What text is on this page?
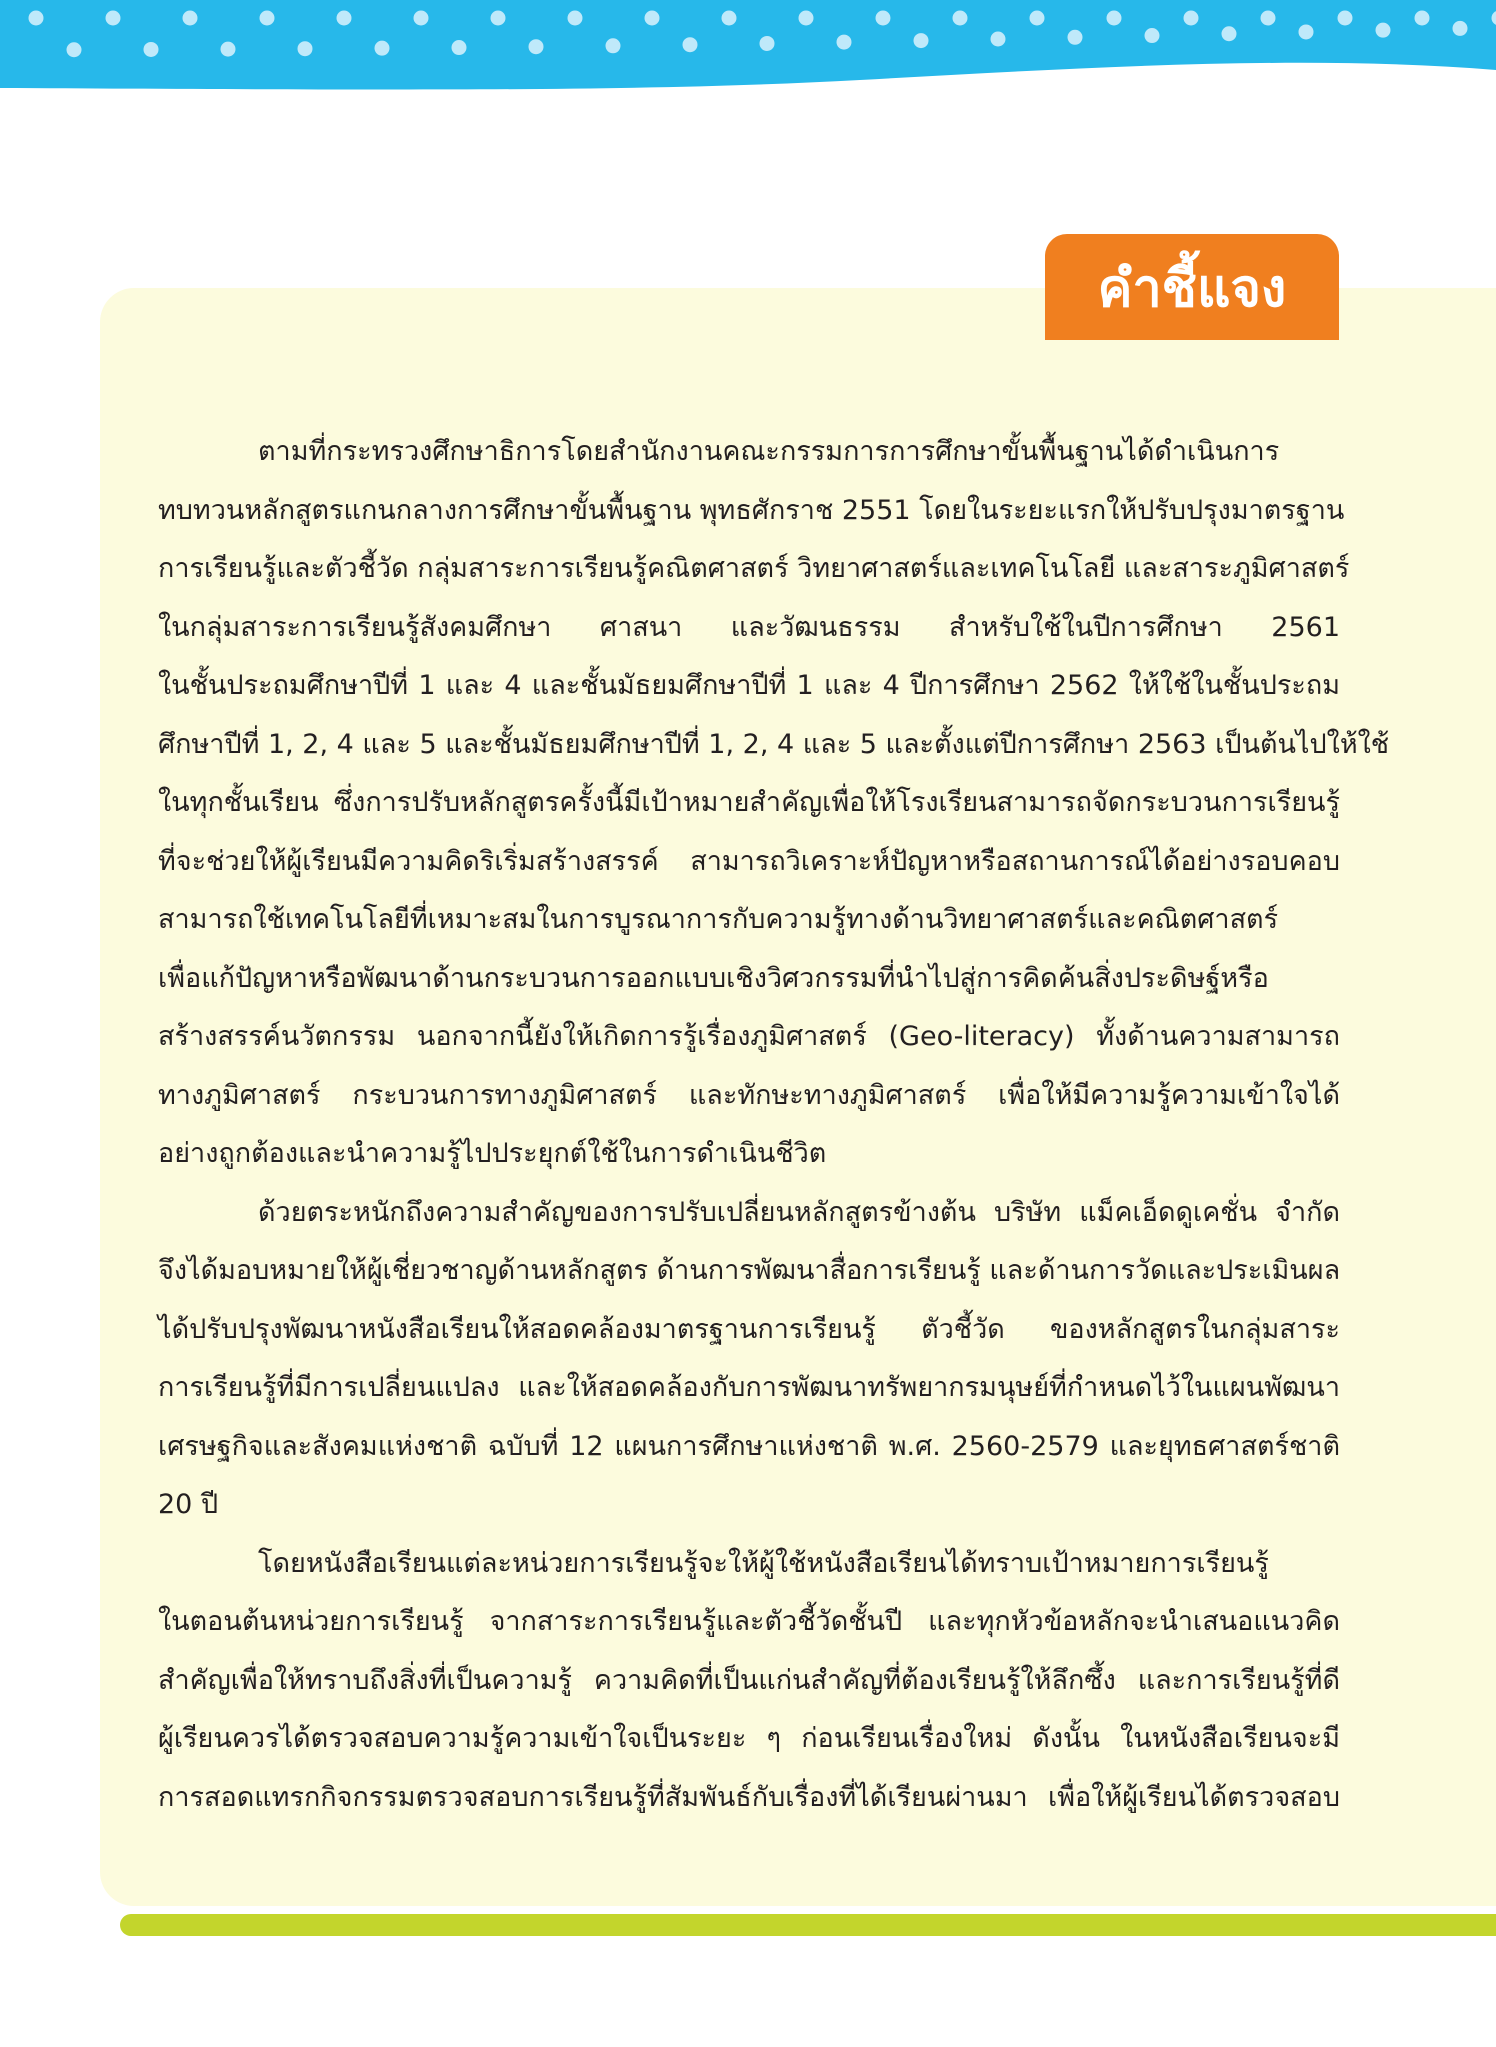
คำชี้แจง
ตามที่กระทรวงศึกษาธิการโดยสำนักงานคณะกรรมการการศึกษาขั้นพื้นฐานได้ดำเนินการ
ทบทวนหลักสูตรแกนกลางการศึกษาขั้นพื้นฐาน พุทธศักราช 2551 โดยในระยะแรกให้ปรับปรุงมาตรฐาน
การเรียนรู้และตัวชี้วัด กลุ่มสาระการเรียนรู้คณิตศาสตร์ วิทยาศาสตร์และเทคโนโลยี และสาระภูมิศาสตร์
ในกลุ่มสาระการเรียนรู้สังคมศึกษา ศาสนา และวัฒนธรรม สำหรับใช้ในปีการศึกษา 2561
ในชั้นประถมศึกษาปีที่ 1 และ 4 และชั้นมัธยมศึกษาปีที่ 1 และ 4 ปีการศึกษา 2562 ให้ใช้ในชั้นประถม
ศึกษาปีที่ 1, 2, 4 และ 5 และชั้นมัธยมศึกษาปีที่ 1, 2, 4 และ 5 และตั้งแต่ปีการศึกษา 2563 เป็นต้นไปให้ใช้
ในทุกชั้นเรียน ซึ่งการปรับหลักสูตรครั้งนี้มีเป้าหมายสำคัญเพื่อให้โรงเรียนสามารถจัดกระบวนการเรียนรู้
ที่จะช่วยให้ผู้เรียนมีความคิดริเริ่มสร้างสรรค์ สามารถวิเคราะห์ปัญหาหรือสถานการณ์ได้อย่างรอบคอบ
สามารถใช้เทคโนโลยีที่เหมาะสมในการบูรณาการกับความรู้ทางด้านวิทยาศาสตร์และคณิตศาสตร์
เพื่อแก้ปัญหาหรือพัฒนาด้านกระบวนการออกแบบเชิงวิศวกรรมที่นำไปสู่การคิดค้นสิ่งประดิษฐ์หรือ
สร้างสรรค์นวัตกรรม นอกจากนี้ยังให้เกิดการรู้เรื่องภูมิศาสตร์ (Geo-literacy) ทั้งด้านความสามารถ
ทางภูมิศาสตร์ กระบวนการทางภูมิศาสตร์ และทักษะทางภูมิศาสตร์ เพื่อให้มีความรู้ความเข้าใจได้
อย่างถูกต้องและนำความรู้ไปประยุกต์ใช้ในการดำเนินชีวิต
ด้วยตระหนักถึงความสำคัญของการปรับเปลี่ยนหลักสูตรข้างต้น บริษัท แม็คเอ็ดดูเคชั่น จำกัด
จึงได้มอบหมายให้ผู้เชี่ยวชาญด้านหลักสูตร ด้านการพัฒนาสื่อการเรียนรู้ และด้านการวัดและประเมินผล
ได้ปรับปรุงพัฒนาหนังสือเรียนให้สอดคล้องมาตรฐานการเรียนรู้ ตัวชี้วัด ของหลักสูตรในกลุ่มสาระ
การเรียนรู้ที่มีการเปลี่ยนแปลง และให้สอดคล้องกับการพัฒนาทรัพยากรมนุษย์ที่กำหนดไว้ในแผนพัฒนา
เศรษฐกิจและสังคมแห่งชาติ ฉบับที่ 12 แผนการศึกษาแห่งชาติ พ.ศ. 2560-2579 และยุทธศาสตร์ชาติ
20 ปี
โดยหนังสือเรียนแต่ละหน่วยการเรียนรู้จะให้ผู้ใช้หนังสือเรียนได้ทราบเป้าหมายการเรียนรู้
ในตอนต้นหน่วยการเรียนรู้ จากสาระการเรียนรู้และตัวชี้วัดชั้นปี และทุกหัวข้อหลักจะนำเสนอแนวคิด
สำคัญเพื่อให้ทราบถึงสิ่งที่เป็นความรู้ ความคิดที่เป็นแก่นสำคัญที่ต้องเรียนรู้ให้ลึกซึ้ง และการเรียนรู้ที่ดี
ผู้เรียนควรได้ตรวจสอบความรู้ความเข้าใจเป็นระยะ ๆ ก่อนเรียนเรื่องใหม่ ดังนั้น ในหนังสือเรียนจะมี
การสอดแทรกกิจกรรมตรวจสอบการเรียนรู้ที่สัมพันธ์กับเรื่องที่ได้เรียนผ่านมา เพื่อให้ผู้เรียนได้ตรวจสอบ
